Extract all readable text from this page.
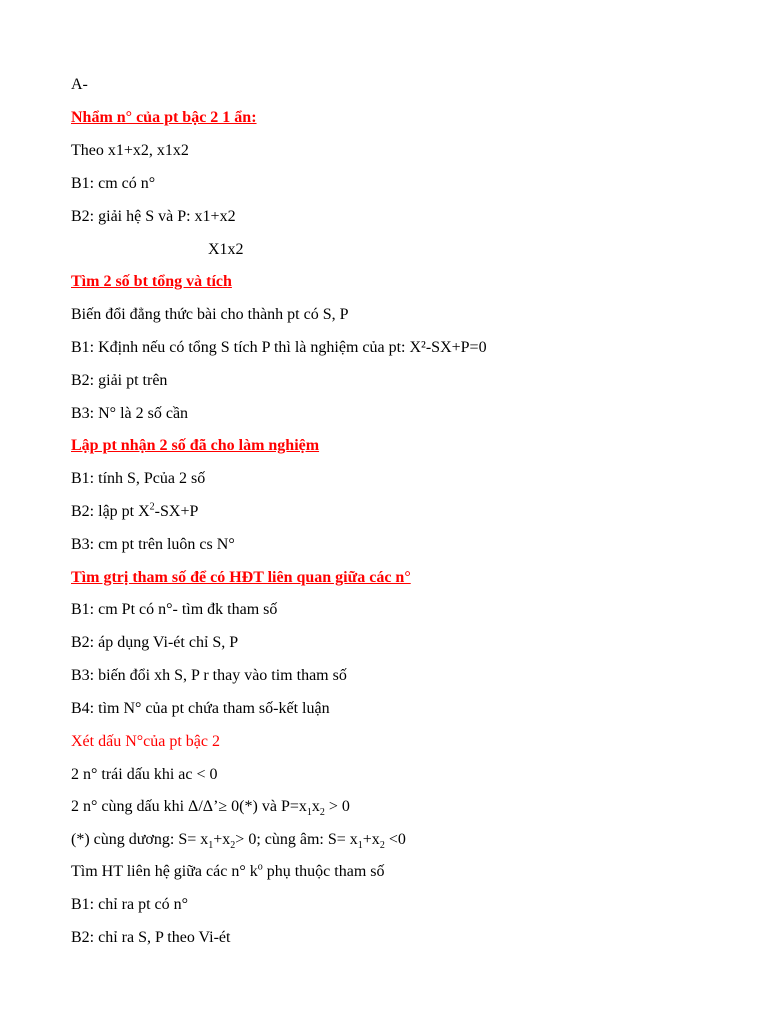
A-
Nhẩm n° của pt bậc 2 1 ẩn:
Theo x1+x2, x1x2
B1: cm có n°
B2: giải hệ S và P: x1+x2
X1x2
Tìm 2 số bt tổng và tích
Biến đổi đẳng thức bài cho thành pt có S, P
B1: Kđịnh nếu có tổng S tích P thì là nghiệm của pt: X²-SX+P=0
B2: giải pt trên
B3: N° là 2 số cần
Lập pt nhận 2 số đã cho làm nghiệm
B1: tính S, Pcủa 2 số
B2: lập pt $X^2-SX+P$
B3: cm pt trên luôn cs N°
Tìm gtrị tham số để có HĐT liên quan giữa các n°
B1: cm Pt có n°- tìm đk tham số
B2: áp dụng Vi-ét chỉ S, P
B3: biến đổi xh S, P r thay vào tim tham số
B4: tìm N° của pt chứa tham số-kết luận
Xét dấu N°của pt bậc 2
2 n° trái dấu khi ac < 0
2 n° cùng dấu khi Δ/Δ’≥ 0(*) và $P=x_1x_2 > 0$
(*) cùng dương: $S= x_1+x_2> 0$; cùng âm: $S= x_1+x_2 <0$
Tìm HT liên hệ giữa các n° $k^o$ phụ thuộc tham số
B1: chỉ ra pt có n°
B2: chỉ ra S, P theo Vi-ét
